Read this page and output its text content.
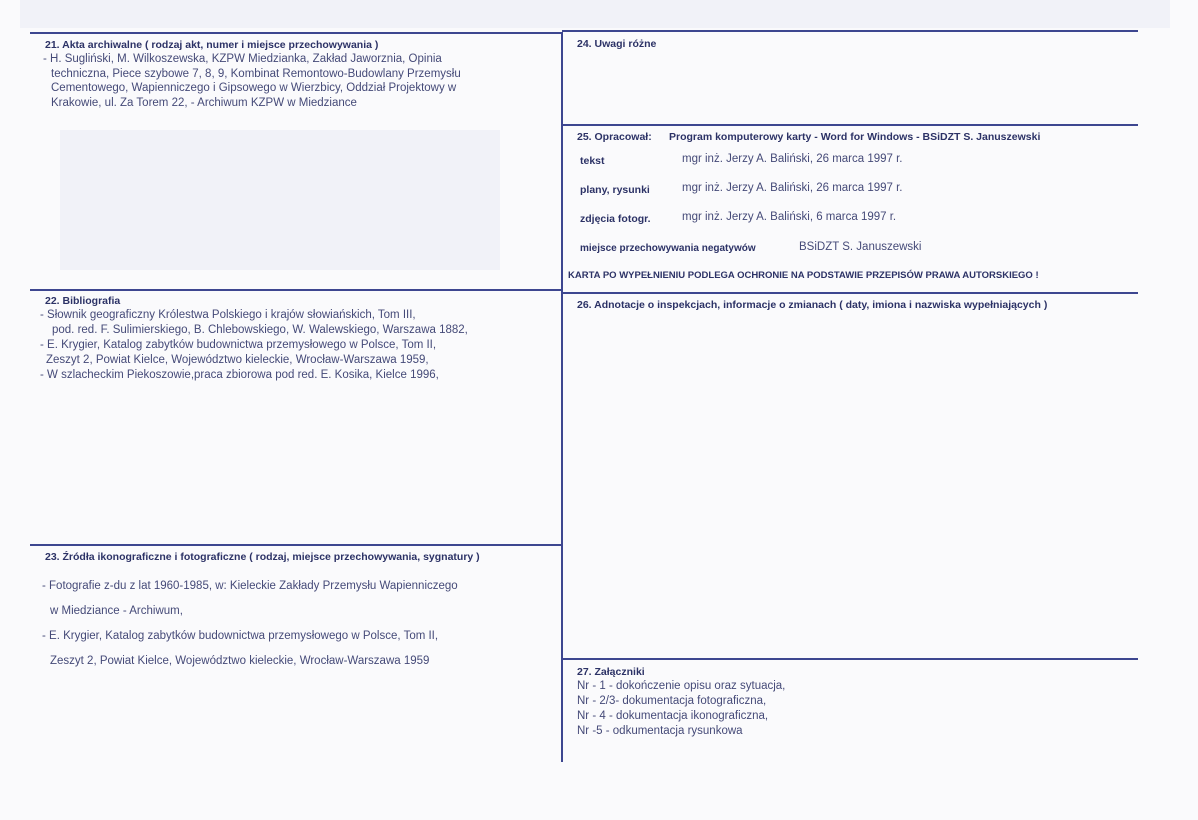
21. Akta archiwalne ( rodzaj akt, numer i miejsce przechowywania )
- H. Sugliński, M. Wilkoszewska, KZPW Miedzianka, Zakład Jaworznia, Opinia
techniczna, Piece szybowe 7, 8, 9, Kombinat Remontowo-Budowlany Przemysłu
Cementowego, Wapienniczego i Gipsowego w Wierzbicy, Oddział Projektowy w
Krakowie, ul. Za Torem 22, - Archiwum KZPW w Miedziance
22. Bibliografia
- Słownik geograficzny Królestwa Polskiego i krajów słowiańskich, Tom III,
pod. red. F. Sulimierskiego, B. Chlebowskiego, W. Walewskiego, Warszawa 1882,
- E. Krygier, Katalog zabytków budownictwa przemysłowego w Polsce, Tom II,
Zeszyt 2, Powiat Kielce, Województwo kieleckie, Wrocław-Warszawa 1959,
- W szlacheckim Piekoszowie,praca zbiorowa pod red. E. Kosika, Kielce 1996,
23. Źródła ikonograficzne i fotograficzne ( rodzaj, miejsce przechowywania, sygnatury )
- Fotografie z-du z lat 1960-1985, w: Kieleckie Zakłady Przemysłu Wapienniczego
w Miedziance - Archiwum,
- E. Krygier, Katalog zabytków budownictwa przemysłowego w Polsce, Tom II,
Zeszyt 2, Powiat Kielce, Województwo kieleckie, Wrocław-Warszawa 1959
24. Uwagi różne
25. Opracował: Program komputerowy karty - Word for Windows - BSiDZT S. Januszewski
tekst	mgr inż. Jerzy A. Baliński, 26 marca 1997 r.
plany, rysunki	mgr inż. Jerzy A. Baliński, 26 marca 1997 r.
zdjęcia fotogr.	mgr inż. Jerzy A. Baliński, 6 marca 1997 r.
miejsce przechowywania negatywów	BSiDZT S. Januszewski
KARTA PO WYPEŁNIENIU PODLEGA OCHRONIE NA PODSTAWIE PRZEPISÓW PRAWA AUTORSKIEGO !
26. Adnotacje o inspekcjach, informacje o zmianach ( daty, imiona i nazwiska wypełniających )
27. Załączniki
Nr - 1 - dokończenie opisu oraz sytuacja,
Nr - 2/3- dokumentacja fotograficzna,
Nr - 4 - dokumentacja ikonograficzna,
Nr -5 - odkumentacja rysunkowa
